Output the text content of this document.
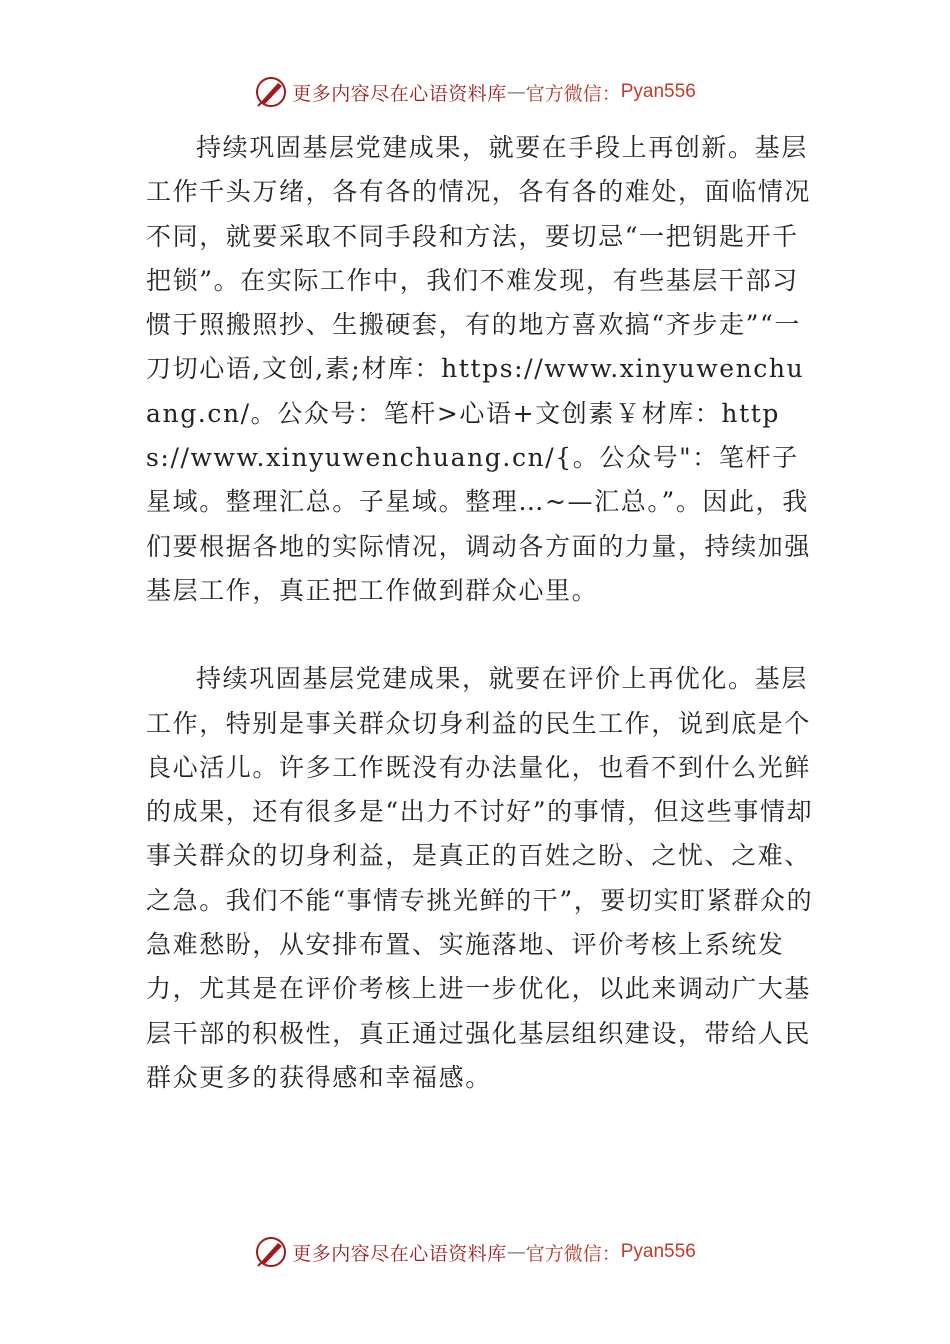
更多内容尽在心语资料库 — 官方微信： Pyan556

持续巩固基层党建成果，就要在手段上再创新。基层工作千头万绪，各有各的情况，各有各的难处，面临情况不同，就要采取不同手段和方法，要切忌“一把钥匙开千把锁”。在实际工作中，我们不难发现，有些基层干部习惯于照搬照抄、生搬硬套，有的地方喜欢搞“齐步走”“一刀切心语,文创,素;材库：https://www.xinyuwenchuang.cn/。公众号：笔杆>心语+文创素￥材库：https://www.xinyuwenchuang.cn/{。公众号"：笔杆子星域。整理汇总。子星域。整理…~—汇总。”。因此，我们要根据各地的实际情况，调动各方面的力量，持续加强基层工作，真正把工作做到群众心里。

持续巩固基层党建成果，就要在评价上再优化。基层工作，特别是事关群众切身利益的民生工作，说到底是个良心活儿。许多工作既没有办法量化，也看不到什么光鲜的成果，还有很多是“出力不讨好”的事情，但这些事情却事关群众的切身利益，是真正的百姓之盼、之忧、之难、之急。我们不能“事情专挑光鲜的干”，要切实盯紧群众的急难愁盼，从安排布置、实施落地、评价考核上系统发力，尤其是在评价考核上进一步优化，以此来调动广大基层干部的积极性，真正通过强化基层组织建设，带给人民群众更多的获得感和幸福感。

更多内容尽在心语资料库 — 官方微信： Pyan556
